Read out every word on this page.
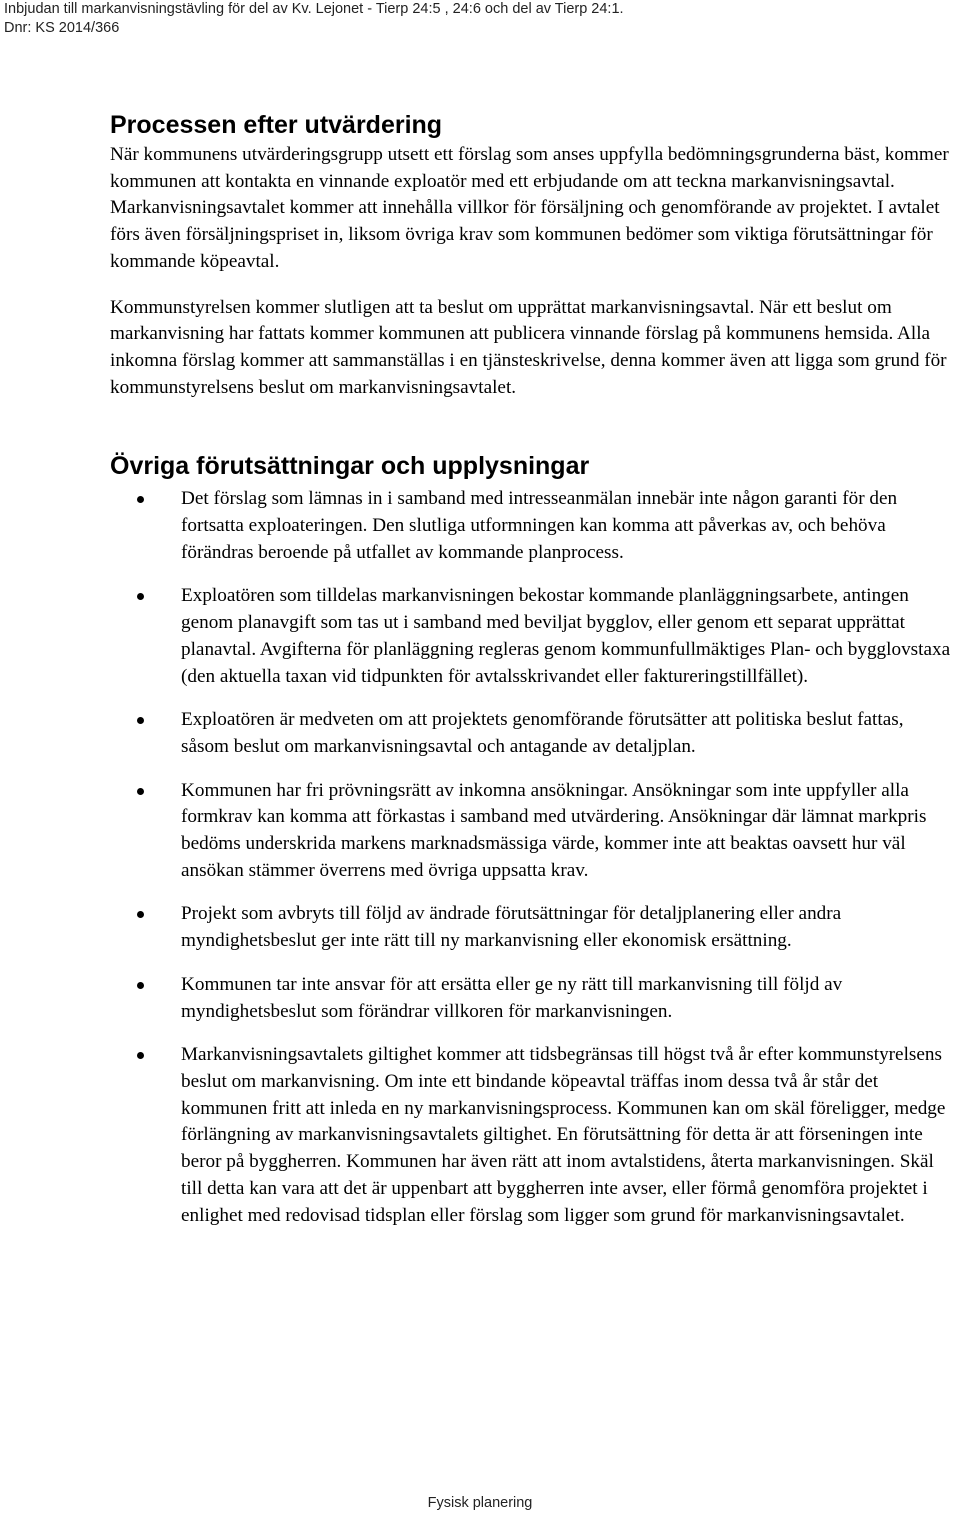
Inbjudan till markanvisningstävling för del av Kv. Lejonet - Tierp 24:5 , 24:6 och del av Tierp 24:1.
Dnr: KS 2014/366
Processen efter utvärdering

När kommunens utvärderingsgrupp utsett ett förslag som anses uppfylla bedömningsgrunderna bäst, kommer kommunen att kontakta en vinnande exploatör med ett erbjudande om att teckna markanvisningsavtal. Markanvisningsavtalet kommer att innehålla villkor för försäljning och genomförande av projektet. I avtalet förs även försäljningspriset in, liksom övriga krav som kommunen bedömer som viktiga förutsättningar för kommande köpeavtal.

Kommunstyrelsen kommer slutligen att ta beslut om upprättat markanvisningsavtal. När ett beslut om markanvisning har fattats kommer kommunen att publicera vinnande förslag på kommunens hemsida. Alla inkomna förslag kommer att sammanställas i en tjänsteskrivelse, denna kommer även att ligga som grund för kommunstyrelsens beslut om markanvisningsavtalet.

Övriga förutsättningar och upplysningar
Det förslag som lämnas in i samband med intresseanmälan innebär inte någon garanti för den fortsatta exploateringen. Den slutliga utformningen kan komma att påverkas av, och behöva förändras beroende på utfallet av kommande planprocess.
Exploatören som tilldelas markanvisningen bekostar kommande planläggningsarbete, antingen genom planavgift som tas ut i samband med beviljat bygglov, eller genom ett separat upprättat planavtal. Avgifterna för planläggning regleras genom kommunfullmäktiges Plan- och bygglovstaxa (den aktuella taxan vid tidpunkten för avtalsskrivandet eller faktureringstillfället).
Exploatören är medveten om att projektets genomförande förutsätter att politiska beslut fattas, såsom beslut om markanvisningsavtal och antagande av detaljplan.
Kommunen har fri prövningsrätt av inkomna ansökningar. Ansökningar som inte uppfyller alla formkrav kan komma att förkastas i samband med utvärdering. Ansökningar där lämnat markpris bedöms underskrida markens marknadsmässiga värde, kommer inte att beaktas oavsett hur väl ansökan stämmer överrens med övriga uppsatta krav.
Projekt som avbryts till följd av ändrade förutsättningar för detaljplanering eller andra myndighetsbeslut ger inte rätt till ny markanvisning eller ekonomisk ersättning.
Kommunen tar inte ansvar för att ersätta eller ge ny rätt till markanvisning till följd av myndighetsbeslut som förändrar villkoren för markanvisningen.
Markanvisningsavtalets giltighet kommer att tidsbegränsas till högst två år efter kommunstyrelsens beslut om markanvisning. Om inte ett bindande köpeavtal träffas inom dessa två år står det kommunen fritt att inleda en ny markanvisningsprocess. Kommunen kan om skäl föreligger, medge förlängning av markanvisningsavtalets giltighet. En förutsättning för detta är att förseningen inte beror på byggherren. Kommunen har även rätt att inom avtalstidens, återta markanvisningen. Skäl till detta kan vara att det är uppenbart att byggherren inte avser, eller förmå genomföra projektet i enlighet med redovisad tidsplan eller förslag som ligger som grund för markanvisningsavtalet.
Fysisk planering
